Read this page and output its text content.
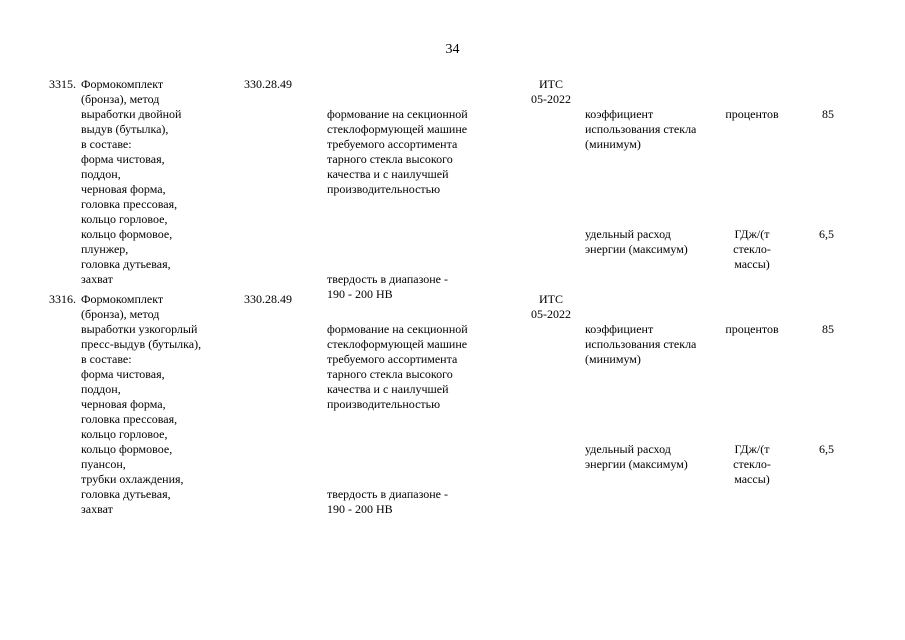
34
3315. Формокомплект
(бронза), метод
выработки двойной
выдув (бутылка),
в составе:
форма чистовая,
поддон,
черновая форма,
головка прессовая,
кольцо горловое,
кольцо формовое,
плунжер,
головка дутьевая,
захват
330.28.49

формование на секционной
стеклоформующей машине
требуемого ассортимента
тарного стекла высокого
качества и с наилучшей
производительностью

твердость в диапазоне -
190 - 200 HB

ИТС
05-2022

коэффициент
использования стекла
(минимум)

удельный расход
энергии (максимум)

процентов

ГДж/(т
стекло-
массы)

85

6,5

3316. Формокомплект
(бронза), метод
выработки узкогорлый
пресс-выдув (бутылка),
в составе:
форма чистовая,
поддон,
черновая форма,
головка прессовая,
кольцо горловое,
кольцо формовое,
пуансон,
трубки охлаждения,
головка дутьевая,
захват
330.28.49

формование на секционной
стеклоформующей машине
требуемого ассортимента
тарного стекла высокого
качества и с наилучшей
производительностью

твердость в диапазоне -
190 - 200 HB

ИТС
05-2022

коэффициент
использования стекла
(минимум)

удельный расход
энергии (максимум)

процентов

ГДж/(т
стекло-
массы)

85

6,5
